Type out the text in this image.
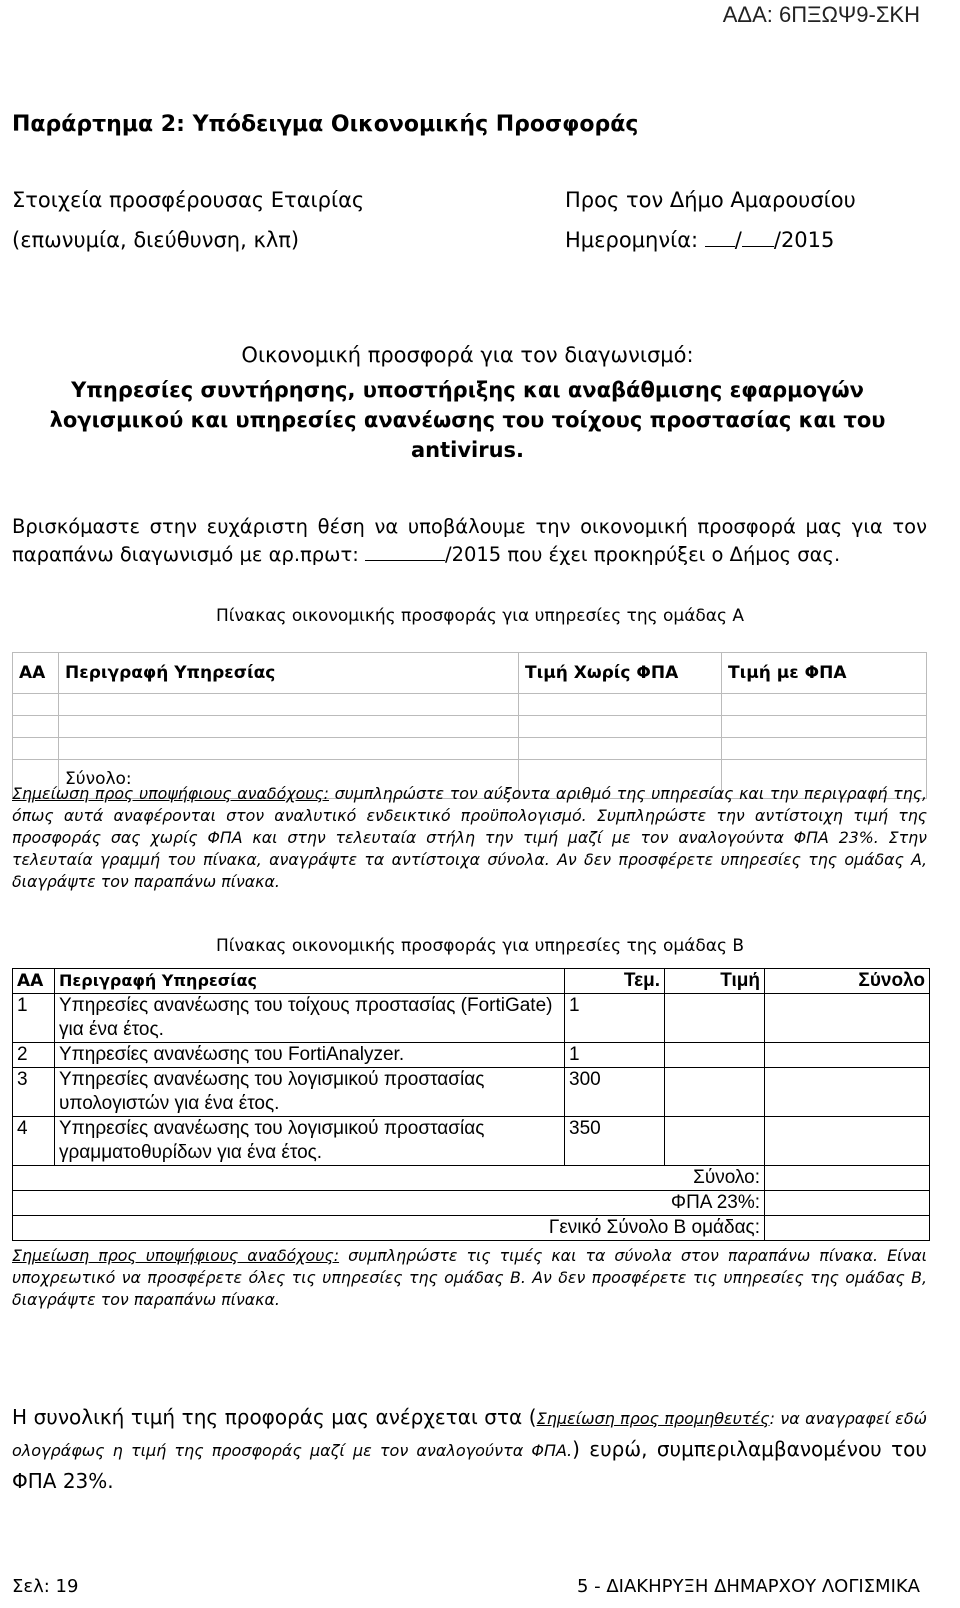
ΑΔΑ: 6ΠΞΩΨ9-ΣΚΗ
Παράρτημα 2: Υπόδειγμα Οικονομικής Προσφοράς
Στοιχεία προσφέρουσας Εταιρίας
(επωνυμία, διεύθυνση, κλπ)
Προς τον Δήμο Αμαρουσίου
Ημερομηνία: / /2015
Οικονομική προσφορά για τον διαγωνισμό:
Υπηρεσίες συντήρησης, υποστήριξης και αναβάθμισης εφαρμογών
λογισμικού και υπηρεσίες ανανέωσης του τοίχους προστασίας και του
antivirus.
Βρισκόμαστε στην ευχάριστη θέση να υποβάλουμε την οικονομική προσφορά μας για τον παραπάνω διαγωνισμό με αρ.πρωτ:	/2015 που έχει προκηρύξει ο Δήμος σας.
Πίνακας οικονομικής προσφοράς για υπηρεσίες της ομάδας Α
ΑΑ	Περιγραφή Υπηρεσίας	Τιμή Χωρίς ΦΠΑ	Τιμή με ΦΠΑ

	Σύνολο:		
Σημείωση προς υποψήφιους αναδόχους: συμπληρώστε τον αύξοντα αριθμό της υπηρεσίας και την περιγραφή της, όπως αυτά αναφέρονται στον αναλυτικό ενδεικτικό προϋπολογισμό. Συμπληρώστε την αντίστοιχη τιμή της προσφοράς σας χωρίς ΦΠΑ και στην τελευταία στήλη την τιμή μαζί με τον αναλογούντα ΦΠΑ 23%. Στην τελευταία γραμμή του πίνακα, αναγράψτε τα αντίστοιχα σύνολα. Αν δεν προσφέρετε υπηρεσίες της ομάδας Α, διαγράψτε τον παραπάνω πίνακα.
Πίνακας οικονομικής προσφοράς για υπηρεσίες της ομάδας Β
ΑΑ	Περιγραφή Υπηρεσίας	Τεμ.	Τιμή	Σύνολο
1	Υπηρεσίες ανανέωσης του τοίχους προστασίας (FortiGate) για ένα έτος.	1		
2	Υπηρεσίες ανανέωσης του FortiAnalyzer.	1		
3	Υπηρεσίες ανανέωσης του λογισμικού προστασίας υπολογιστών για ένα έτος.	300		
4	Υπηρεσίες ανανέωσης του λογισμικού προστασίας γραμματοθυρίδων για ένα έτος.	350		
Σύνολο:				
ΦΠΑ 23%:				
Γενικό Σύνολο Β ομάδας:				
Σημείωση προς υποψήφιους αναδόχους: συμπληρώστε τις τιμές και τα σύνολα στον παραπάνω πίνακα. Είναι υποχρεωτικό να προσφέρετε όλες τις υπηρεσίες της ομάδας Β. Αν δεν προσφέρετε τις υπηρεσίες της ομάδας Β, διαγράψτε τον παραπάνω πίνακα.
Η συνολική τιμή της προφοράς μας ανέρχεται στα (Σημείωση προς προμηθευτές: να αναγραφεί εδώ ολογράφως η τιμή της προσφοράς μαζί με τον αναλογούντα ΦΠΑ.) ευρώ, συμπεριλαμβανομένου του ΦΠΑ 23%.
Σελ: 19	5 - ΔΙΑΚΗΡΥΞΗ ΔΗΜΑΡΧΟΥ ΛΟΓΙΣΜΙΚΑ
